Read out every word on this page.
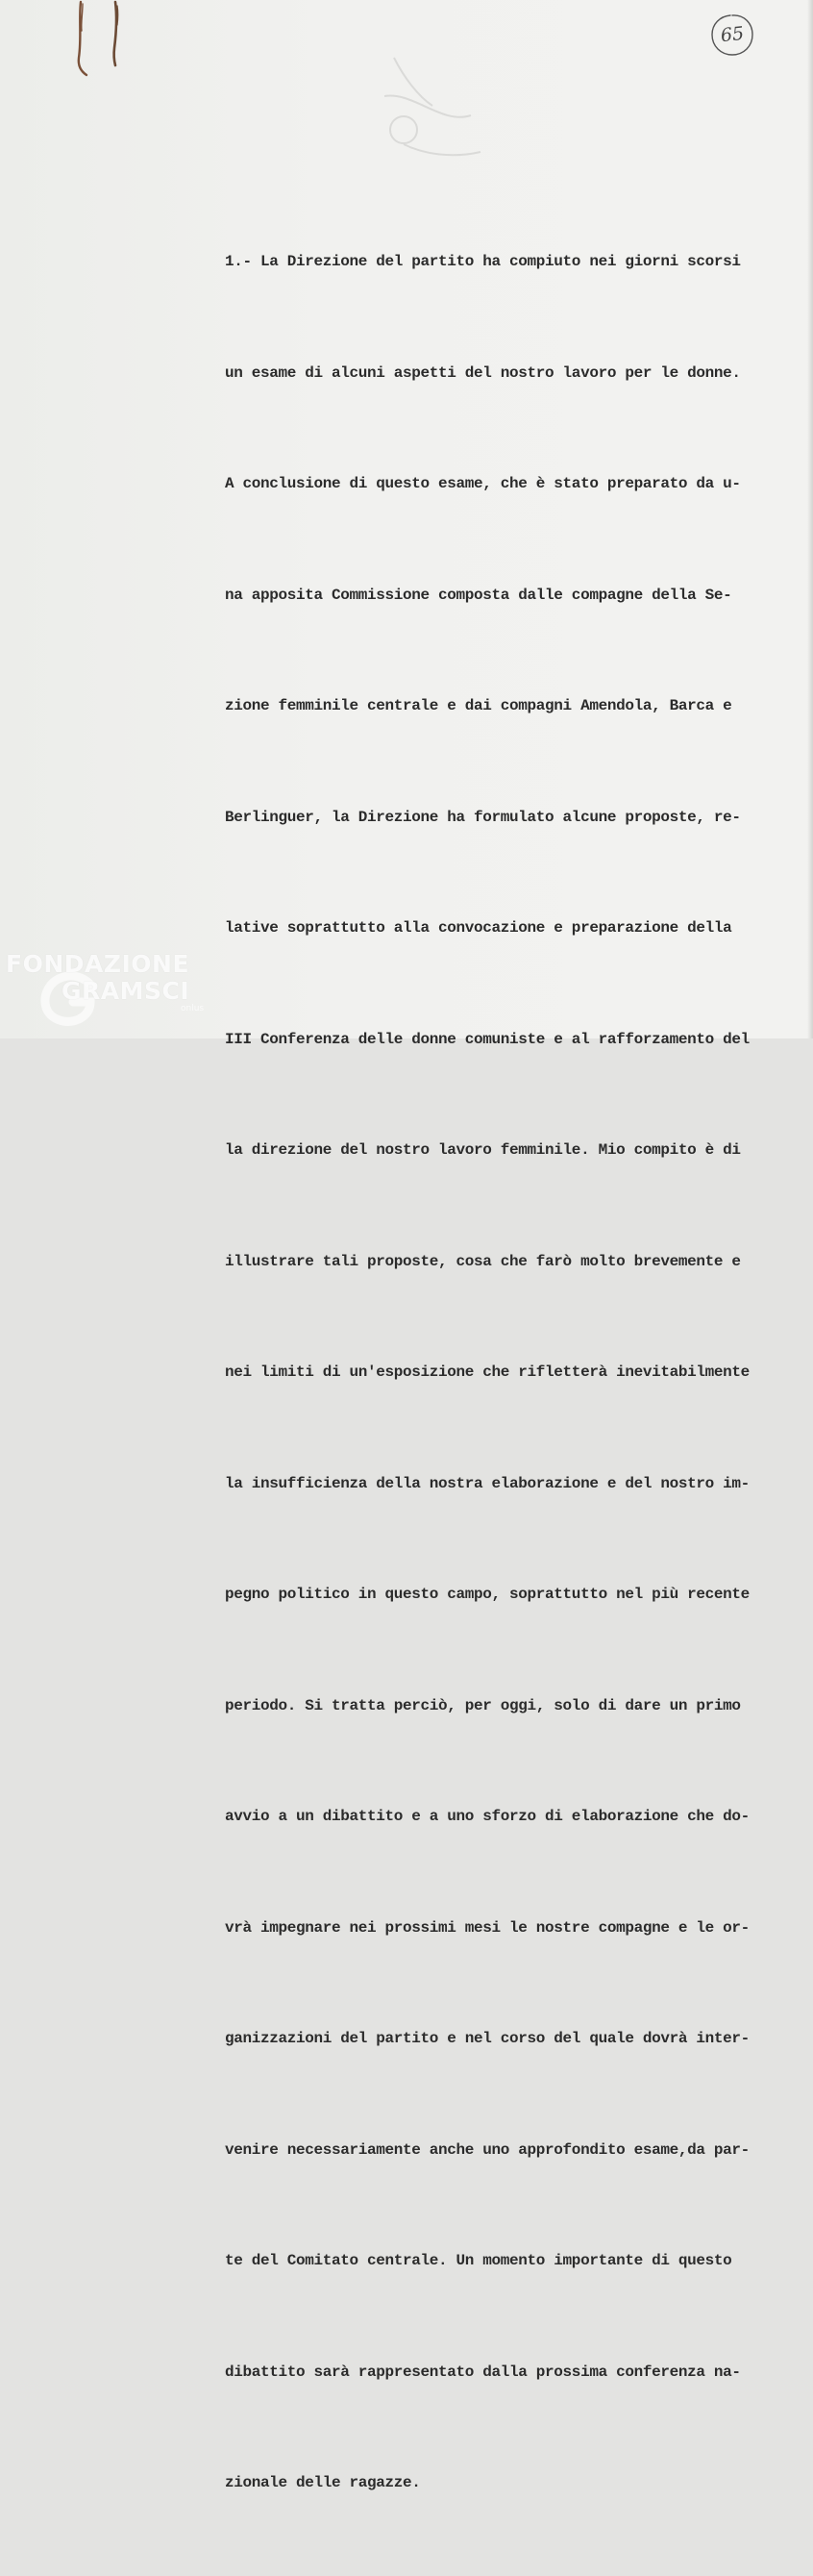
65

1.- La Direzione del partito ha compiuto nei giorni scorsi

un esame di alcuni aspetti del nostro lavoro per le donne.

A conclusione di questo esame, che è stato preparato da u-

na apposita Commissione composta dalle compagne della Se-

zione femminile centrale e dai compagni Amendola, Barca e

Berlinguer, la Direzione ha formulato alcune proposte, re-

lative soprattutto alla convocazione e preparazione della

III Conferenza delle donne comuniste e al rafforzamento del

la direzione del nostro lavoro femminile. Mio compito è di

illustrare tali proposte, cosa che farò molto brevemente e

nei limiti di un'esposizione che rifletterà inevitabilmente

la insufficienza della nostra elaborazione e del nostro im-

pegno politico in questo campo, soprattutto nel più recente

periodo. Si tratta perciò, per oggi, solo di dare un primo

avvio a un dibattito e a uno sforzo di elaborazione che do-

vrà impegnare nei prossimi mesi le nostre compagne e le or-

ganizzazioni del partito e nel corso del quale dovrà inter-

venire necessariamente anche uno approfondito esame,da par-

te del Comitato centrale. Un momento importante di questo

dibattito sarà rappresentato dalla prossima conferenza na-

zionale delle ragazze.

FONDAZIONE
GRAMSCI
onlus
